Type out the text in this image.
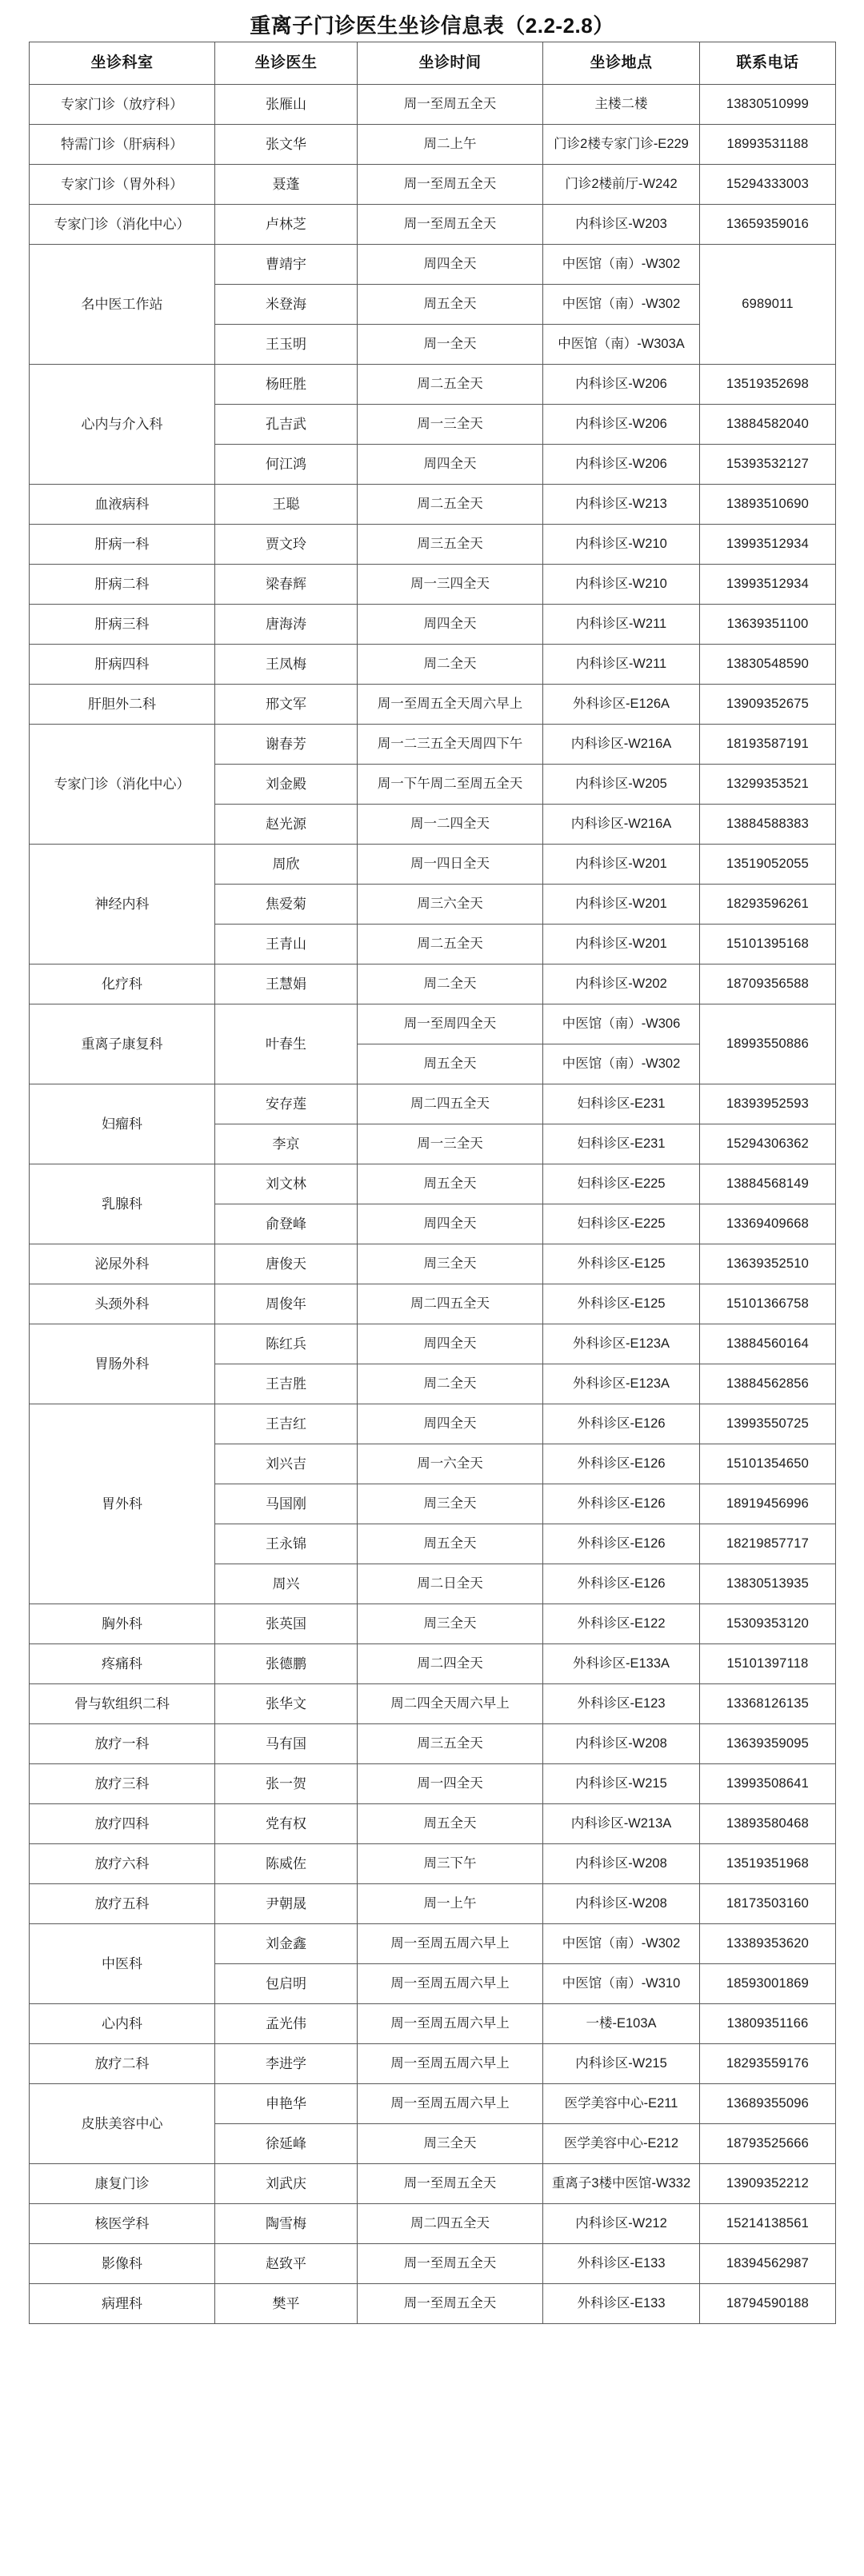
重离子门诊医生坐诊信息表（2.2-2.8）
坐诊科室	坐诊医生	坐诊时间	坐诊地点	联系电话
专家门诊（放疗科）	张雁山	周一至周五全天	主楼二楼	13830510999
特需门诊（肝病科）	张文华	周二上午	门诊2楼专家门诊-E229	18993531188
专家门诊（胃外科）	聂蓬	周一至周五全天	门诊2楼前厅-W242	15294333003
专家门诊（消化中心）	卢林芝	周一至周五全天	内科诊区-W203	13659359016
名中医工作站	曹靖宇	周四全天	中医馆（南）-W302	6989011
	米登海	周五全天	中医馆（南）-W302	
	王玉明	周一全天	中医馆（南）-W303A	
心内与介入科	杨旺胜	周二五全天	内科诊区-W206	13519352698
	孔吉武	周一三全天	内科诊区-W206	13884582040
	何江鸿	周四全天	内科诊区-W206	15393532127
血液病科	王聪	周二五全天	内科诊区-W213	13893510690
肝病一科	贾文玲	周三五全天	内科诊区-W210	13993512934
肝病二科	梁春辉	周一三四全天	内科诊区-W210	13993512934
肝病三科	唐海涛	周四全天	内科诊区-W211	13639351100
肝病四科	王凤梅	周二全天	内科诊区-W211	13830548590
肝胆外二科	邢文军	周一至周五全天周六早上	外科诊区-E126A	13909352675
专家门诊（消化中心）	谢春芳	周一二三五全天周四下午	内科诊区-W216A	18193587191
	刘金殿	周一下午周二至周五全天	内科诊区-W205	13299353521
	赵光源	周一二四全天	内科诊区-W216A	13884588383
神经内科	周欣	周一四日全天	内科诊区-W201	13519052055
	焦爱菊	周三六全天	内科诊区-W201	18293596261
	王青山	周二五全天	内科诊区-W201	15101395168
化疗科	王慧娟	周二全天	内科诊区-W202	18709356588
重离子康复科	叶春生	周一至周四全天	中医馆（南）-W306	18993550886
		周五全天	中医馆（南）-W302	
妇瘤科	安存莲	周二四五全天	妇科诊区-E231	18393952593
	李京	周一三全天	妇科诊区-E231	15294306362
乳腺科	刘文林	周五全天	妇科诊区-E225	13884568149
	俞登峰	周四全天	妇科诊区-E225	13369409668
泌尿外科	唐俊天	周三全天	外科诊区-E125	13639352510
头颈外科	周俊年	周二四五全天	外科诊区-E125	15101366758
胃肠外科	陈红兵	周四全天	外科诊区-E123A	13884560164
	王吉胜	周二全天	外科诊区-E123A	13884562856
胃外科	王吉红	周四全天	外科诊区-E126	13993550725
	刘兴吉	周一六全天	外科诊区-E126	15101354650
	马国刚	周三全天	外科诊区-E126	18919456996
	王永锦	周五全天	外科诊区-E126	18219857717
	周兴	周二日全天	外科诊区-E126	13830513935
胸外科	张英国	周三全天	外科诊区-E122	15309353120
疼痛科	张德鹏	周二四全天	外科诊区-E133A	15101397118
骨与软组织二科	张华文	周二四全天周六早上	外科诊区-E123	13368126135
放疗一科	马有国	周三五全天	内科诊区-W208	13639359095
放疗三科	张一贺	周一四全天	内科诊区-W215	13993508641
放疗四科	党有权	周五全天	内科诊区-W213A	13893580468
放疗六科	陈威佐	周三下午	内科诊区-W208	13519351968
放疗五科	尹朝晟	周一上午	内科诊区-W208	18173503160
中医科	刘金鑫	周一至周五周六早上	中医馆（南）-W302	13389353620
	包启明	周一至周五周六早上	中医馆（南）-W310	18593001869
心内科	孟光伟	周一至周五周六早上	一楼-E103A	13809351166
放疗二科	李进学	周一至周五周六早上	内科诊区-W215	18293559176
皮肤美容中心	申艳华	周一至周五周六早上	医学美容中心-E211	13689355096
	徐延峰	周三全天	医学美容中心-E212	18793525666
康复门诊	刘武庆	周一至周五全天	重离子3楼中医馆-W332	13909352212
核医学科	陶雪梅	周二四五全天	内科诊区-W212	15214138561
影像科	赵致平	周一至周五全天	外科诊区-E133	18394562987
病理科	樊平	周一至周五全天	外科诊区-E133	18794590188
